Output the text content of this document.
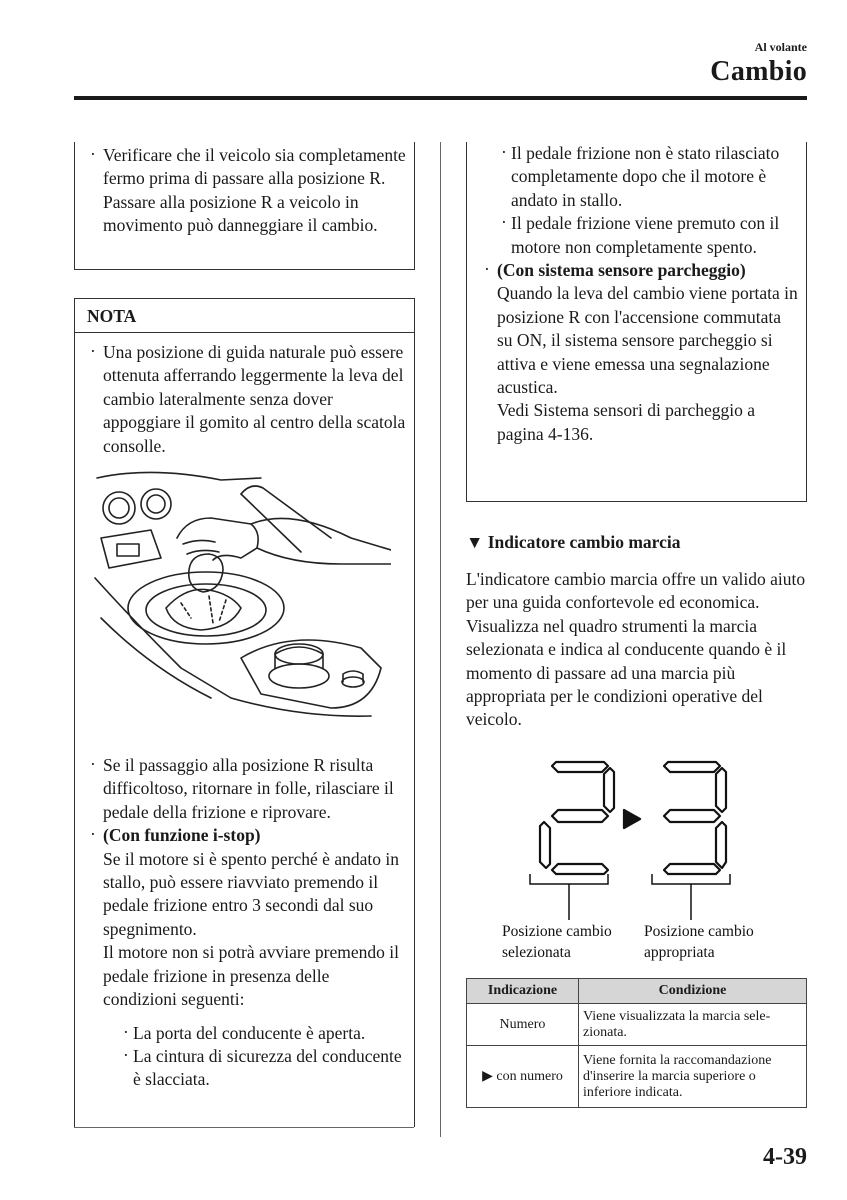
Al volante
Cambio
· Verificare che il veicolo sia completamente fermo prima di passare alla posizione R. Passare alla posizione R a veicolo in movimento può danneggiare il cambio.
NOTA
· Una posizione di guida naturale può essere ottenuta afferrando leggermente la leva del cambio lateralmente senza dover appoggiare il gomito al centro della scatola consolle.
· Se il passaggio alla posizione R risulta difficoltoso, ritornare in folle, rilasciare il pedale della frizione e riprovare.
· (Con funzione i-stop)
Se il motore si è spento perché è andato in stallo, può essere riavviato premendo il pedale frizione entro 3 secondi dal suo spegnimento.
Il motore non si potrà avviare premendo il pedale frizione in presenza delle condizioni seguenti:
· La porta del conducente è aperta.
· La cintura di sicurezza del conducente è slacciata.
· Il pedale frizione non è stato rilasciato completamente dopo che il motore è andato in stallo.
· Il pedale frizione viene premuto con il motore non completamente spento.
· (Con sistema sensore parcheggio)
Quando la leva del cambio viene portata in posizione R con l'accensione commutata su ON, il sistema sensore parcheggio si attiva e viene emessa una segnalazione acustica.
Vedi Sistema sensori di parcheggio a pagina 4-136.
▼ Indicatore cambio marcia
L'indicatore cambio marcia offre un valido aiuto per una guida confortevole ed economica. Visualizza nel quadro strumenti la marcia selezionata e indica al conducente quando è il momento di passare ad una marcia più appropriata per le condizioni operative del veicolo.
Posizione cambio
selezionata
Posizione cambio
appropriata
Indicazione	Condizione
Numero	Viene visualizzata la marcia sele- zionata.
▶ con numero	Viene fornita la raccomandazione d'inserire la marcia superiore o inferiore indicata.
4-39
